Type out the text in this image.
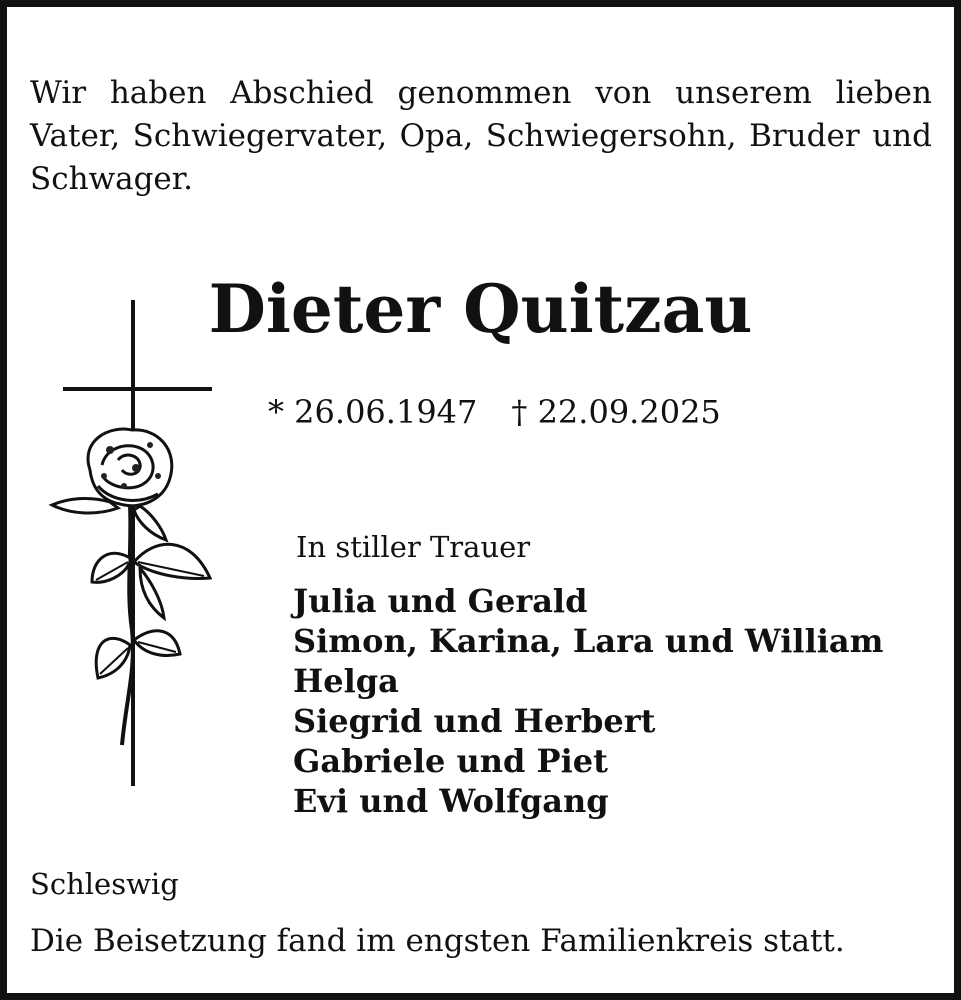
Wir haben Abschied genommen von unserem lieben Vater, Schwiegervater, Opa, Schwiegersohn, Bruder und Schwager.

Dieter Quitzau
* 26.06.1947 † 22.09.2025
In stiller Trauer
Julia und Gerald
Simon, Karina, Lara und William
Helga
Siegrid und Herbert
Gabriele und Piet
Evi und Wolfgang
Schleswig
Die Beisetzung fand im engsten Familienkreis statt.
